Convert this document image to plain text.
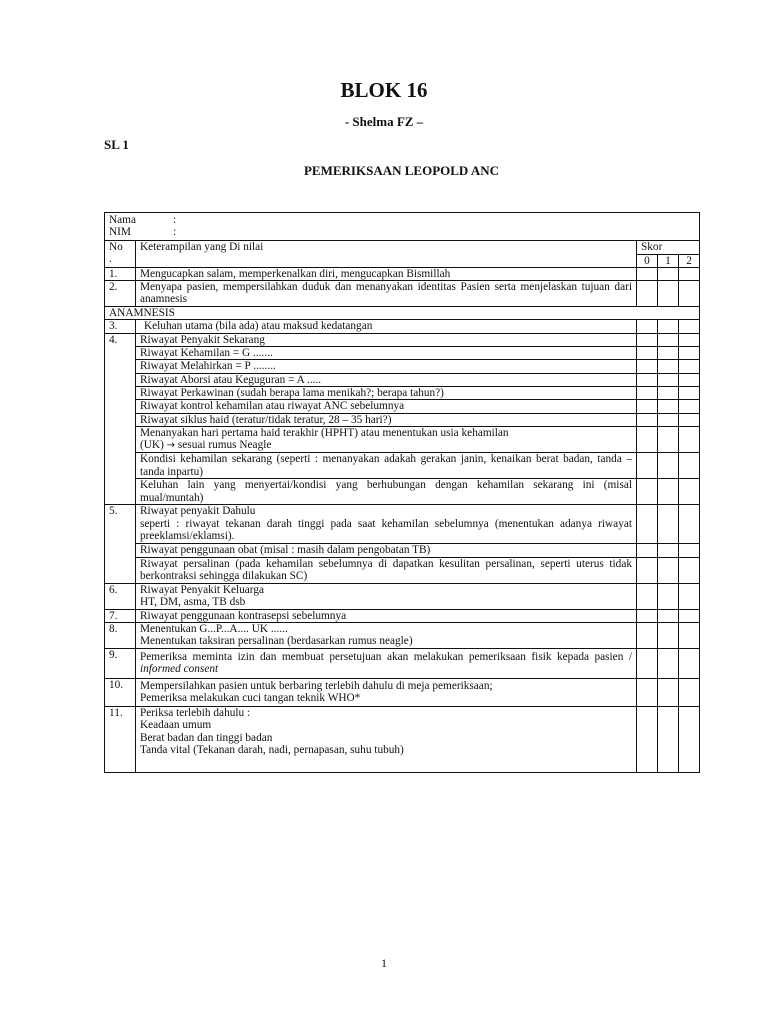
BLOK 16
- Shelma FZ –
SL 1
PEMERIKSAAN LEOPOLD ANC
Nama :
NIM :				

No
.	Keterampilan yang Di nilai	Skor		
		0	1	2
1.	Mengucapkan salam, memperkenalkan diri, mengucapkan Bismillah			
2.	Menyapa pasien, mempersilahkan duduk dan menanyakan identitas Pasien serta menjelaskan tujuan dari anamnesis			
ANAMNESIS				
3.	Keluhan utama (bila ada) atau maksud kedatangan			
4.	Riwayat Penyakit Sekarang			
	Riwayat Kehamilan = G .......			
	Riwayat Melahirkan = P ........			
	Riwayat Aborsi atau Keguguran = A .....			
	Riwayat Perkawinan (sudah berapa lama menikah?; berapa tahun?)			
	Riwayat kontrol kehamilan atau riwayat ANC sebelumnya			
	Riwayat siklus haid (teratur/tidak teratur, 28 – 35 hari?)			

	Menanyakan hari pertama haid terakhir (HPHT) atau menentukan usia kehamilan
(UK) → sesuai rumus Neagle			

	Kondisi kehamilan sekarang (seperti : menanyakan adakah gerakan janin, kenaikan berat badan, tanda – tanda inpartu)			
	Keluhan lain yang menyertai/kondisi yang berhubungan dengan kehamilan sekarang ini (misal mual/muntah)			
5.	Riwayat penyakit Dahulu
seperti : riwayat tekanan darah tinggi pada saat kehamilan sebelumnya (menentukan adanya riwayat preeklamsi/eklamsi).			

	Riwayat penggunaan obat (misal : masih dalam pengobatan TB)			
	Riwayat persalinan (pada kehamilan sebelumnya di dapatkan kesulitan persalinan, seperti uterus tidak berkontraksi sehingga dilakukan SC)			
6.	Riwayat Penyakit Keluarga
HT, DM, asma, TB dsb			

7.	Riwayat penggunaan kontrasepsi sebelumnya			
8.	Menentukan G...P...A.... UK ......
Menentukan taksiran persalinan (berdasarkan rumus neagle)			

9.	Pemeriksa meminta izin dan membuat persetujuan akan melakukan pemeriksaan fisik kepada pasien / informed consent			
10.	Mempersilahkan pasien untuk berbaring terlebih dahulu di meja pemeriksaan;
Pemeriksa melakukan cuci tangan teknik WHO*			

11.	Periksa terlebih dahulu :
Keadaan umum
Berat badan dan tinggi badan
Tanda vital (Tekanan darah, nadi, pernapasan, suhu tubuh)			

1
